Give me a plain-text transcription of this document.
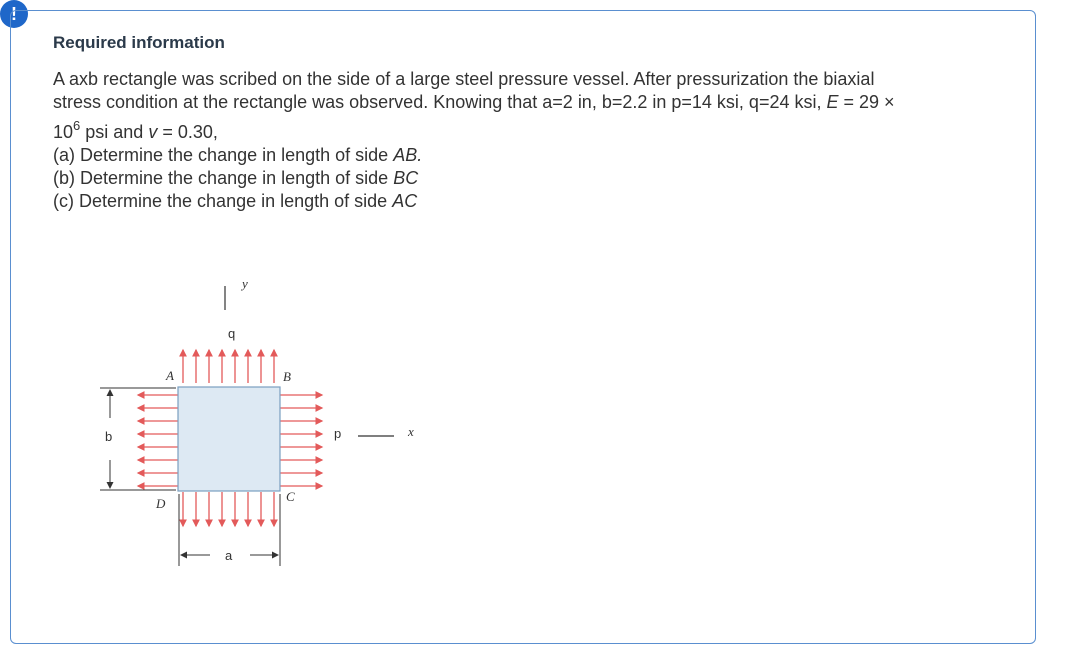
!
Required information

A axb rectangle was scribed on the side of a large steel pressure vessel. After pressurization the biaxial

stress condition at the rectangle was observed. Knowing that a=2 in, b=2.2 in p=14 ksi, q=24 ksi, E = 29 ×

$10^6$ psi and v = 0.30,

(a) Determine the change in length of side AB.

(b) Determine the change in length of side BC

(c) Determine the change in length of side AC

y
q
A	B
C
D
p	x
b
a
